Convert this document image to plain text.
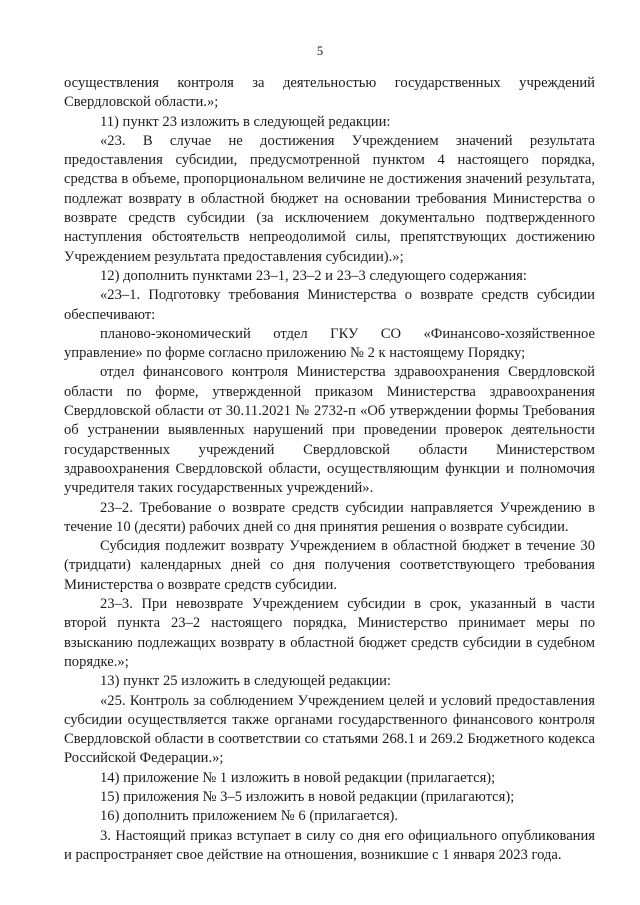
5

осуществления контроля за деятельностью государственных учреждений Свердловской области.»;

11) пункт 23 изложить в следующей редакции:

«23. В случае не достижения Учреждением значений результата предоставления субсидии, предусмотренной пунктом 4 настоящего порядка, средства в объеме, пропорциональном величине не достижения значений результата, подлежат возврату в областной бюджет на основании требования Министерства о возврате средств субсидии (за исключением документально подтвержденного наступления обстоятельств непреодолимой силы, препятствующих достижению Учреждением результата предоставления субсидии).»;

12) дополнить пунктами 23–1, 23–2 и 23–3 следующего содержания:

«23–1. Подготовку требования Министерства о возврате средств субсидии обеспечивают:

планово-экономический отдел ГКУ СО «Финансово-хозяйственное управление» по форме согласно приложению № 2 к настоящему Порядку;

отдел финансового контроля Министерства здравоохранения Свердловской области по форме, утвержденной приказом Министерства здравоохранения Свердловской области от 30.11.2021 № 2732-п «Об утверждении формы Требования об устранении выявленных нарушений при проведении проверок деятельности государственных учреждений Свердловской области Министерством здравоохранения Свердловской области, осуществляющим функции и полномочия учредителя таких государственных учреждений».

23–2. Требование о возврате средств субсидии направляется Учреждению в течение 10 (десяти) рабочих дней со дня принятия решения о возврате субсидии.

Субсидия подлежит возврату Учреждением в областной бюджет в течение 30 (тридцати) календарных дней со дня получения соответствующего требования Министерства о возврате средств субсидии.

23–3. При невозврате Учреждением субсидии в срок, указанный в части второй пункта 23–2 настоящего порядка, Министерство принимает меры по взысканию подлежащих возврату в областной бюджет средств субсидии в судебном порядке.»;

13) пункт 25 изложить в следующей редакции:

«25. Контроль за соблюдением Учреждением целей и условий предоставления субсидии осуществляется также органами государственного финансового контроля Свердловской области в соответствии со статьями 268.1 и 269.2 Бюджетного кодекса Российской Федерации.»;

14) приложение № 1 изложить в новой редакции (прилагается);

15) приложения № 3–5 изложить в новой редакции (прилагаются);

16) дополнить приложением № 6 (прилагается).

3. Настоящий приказ вступает в силу со дня его официального опубликования и распространяет свое действие на отношения, возникшие с 1 января 2023 года.
